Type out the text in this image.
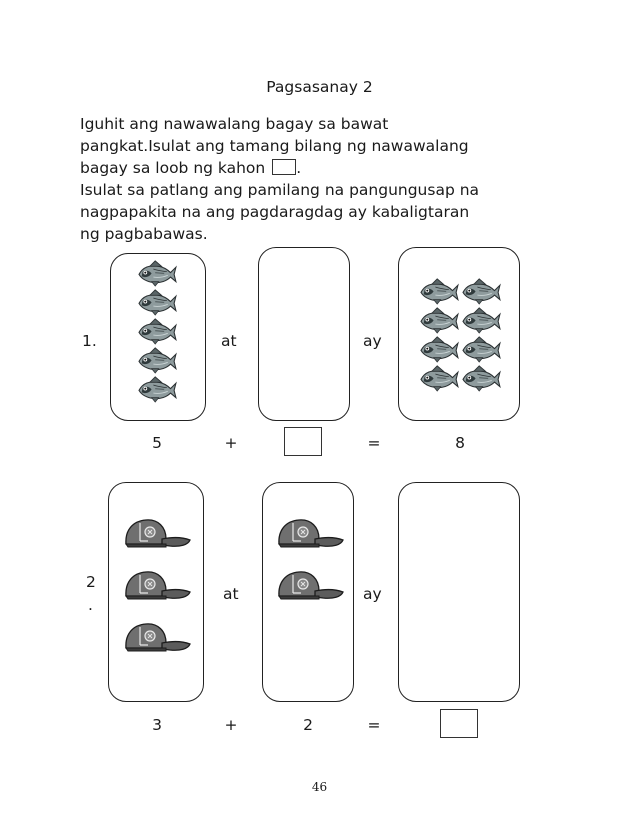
Pagsasanay 2
Iguhit ang nawawalang bagay sa bawat
pangkat.Isulat ang tamang bilang ng nawawalang
bagay sa loob ng kahon .
Isulat sa patlang ang pamilang na pangungusap na
nagpapakita na ang pagdaragdag ay kabaligtaran
ng pagbabawas.
1.	at	ay
5	+	=	8
2
.
at	ay
3	+	2	=
46
